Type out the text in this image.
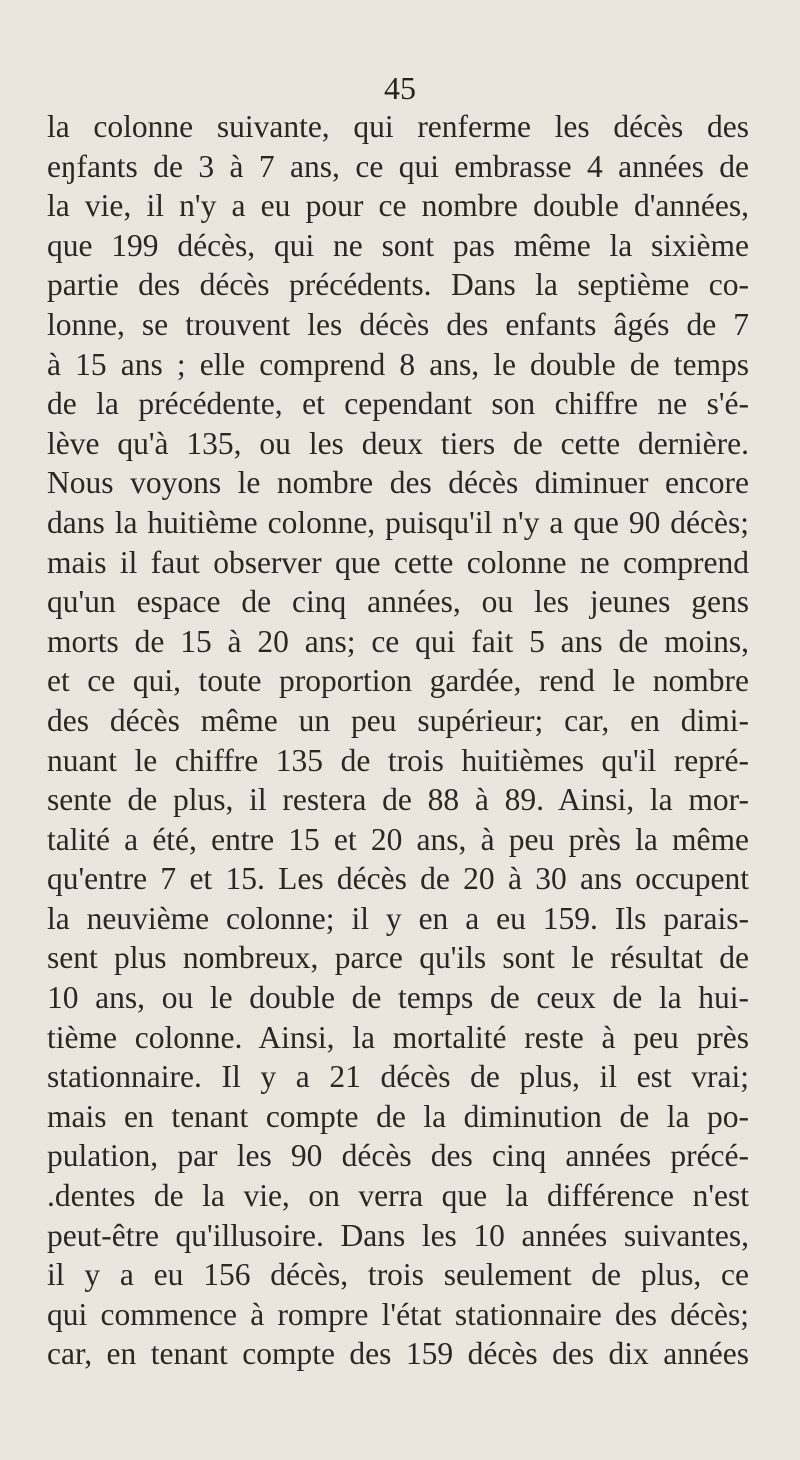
45
la colonne suivante, qui renferme les décès des
eŋfants de 3 à 7 ans, ce qui embrasse 4 années de
la vie, il n'y a eu pour ce nombre double d'années,
que 199 décès, qui ne sont pas même la sixième
partie des décès précédents. Dans la septième co-
lonne, se trouvent les décès des enfants âgés de 7
à 15 ans ; elle comprend 8 ans, le double de temps
de la précédente, et cependant son chiffre ne s'é-
lève qu'à 135, ou les deux tiers de cette dernière.
Nous voyons le nombre des décès diminuer encore
dans la huitième colonne, puisqu'il n'y a que 90 décès;
mais il faut observer que cette colonne ne comprend
qu'un espace de cinq années, ou les jeunes gens
morts de 15 à 20 ans; ce qui fait 5 ans de moins,
et ce qui, toute proportion gardée, rend le nombre
des décès même un peu supérieur; car, en dimi-
nuant le chiffre 135 de trois huitièmes qu'il repré-
sente de plus, il restera de 88 à 89. Ainsi, la mor-
talité a été, entre 15 et 20 ans, à peu près la même
qu'entre 7 et 15. Les décès de 20 à 30 ans occupent
la neuvième colonne; il y en a eu 159. Ils parais-
sent plus nombreux, parce qu'ils sont le résultat de
10 ans, ou le double de temps de ceux de la hui-
tième colonne. Ainsi, la mortalité reste à peu près
stationnaire. Il y a 21 décès de plus, il est vrai;
mais en tenant compte de la diminution de la po-
pulation, par les 90 décès des cinq années précé-
.dentes de la vie, on verra que la différence n'est
peut-être qu'illusoire. Dans les 10 années suivantes,
il y a eu 156 décès, trois seulement de plus, ce
qui commence à rompre l'état stationnaire des décès;
car, en tenant compte des 159 décès des dix années
